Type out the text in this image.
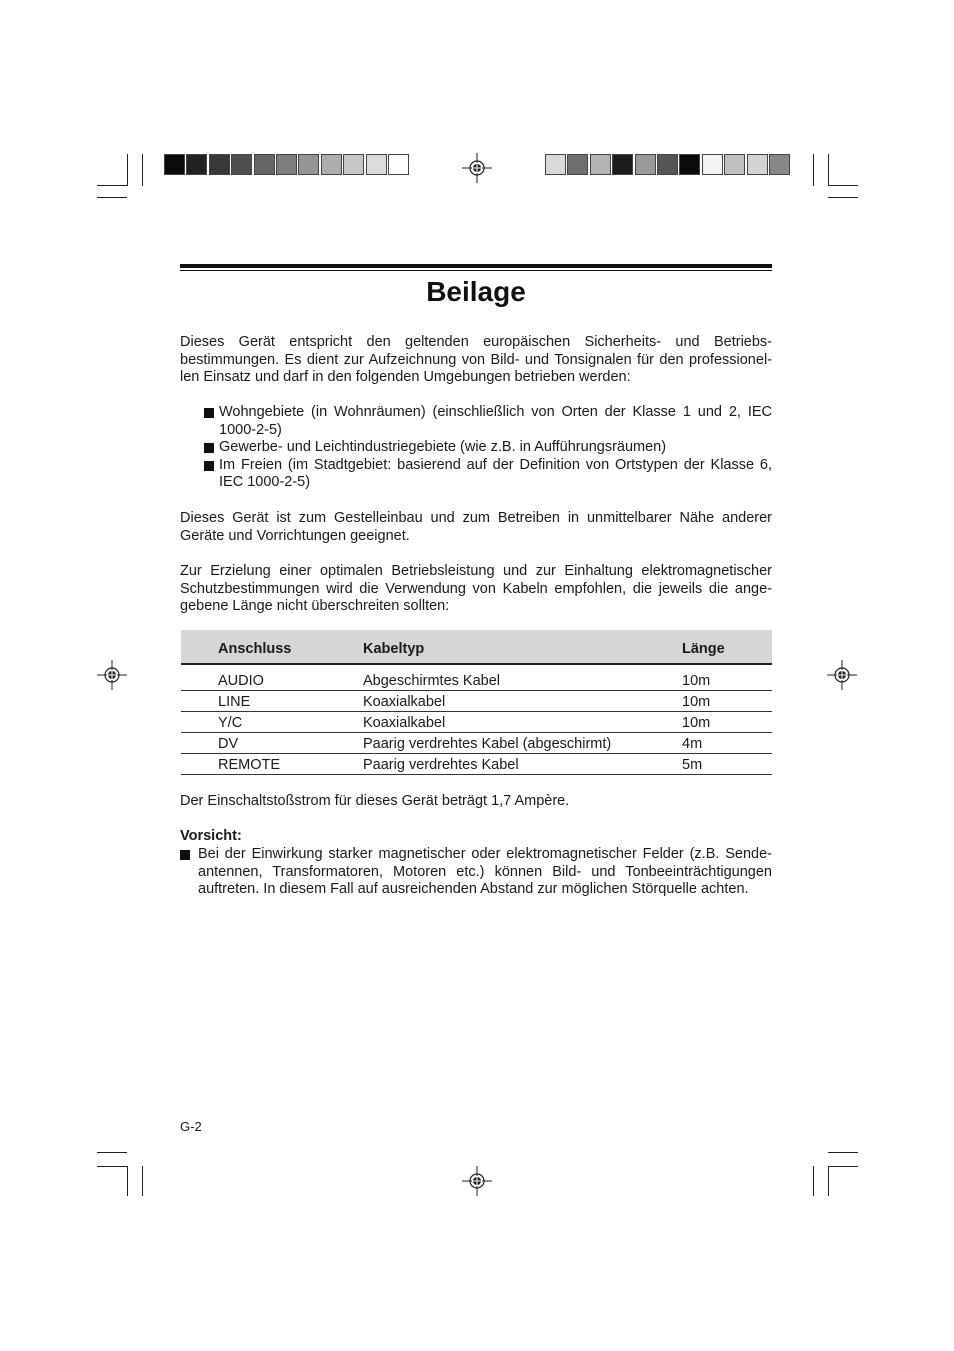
Beilage

Dieses Gerät entspricht den geltenden europäischen Sicherheits- und Betriebs-bestimmungen. Es dient zur Aufzeichnung von Bild- und Tonsignalen für den professionel-len Einsatz und darf in den folgenden Umgebungen betrieben werden:

Wohngebiete (in Wohnräumen) (einschließlich von Orten der Klasse 1 und 2, IEC 1000-2-5)
Gewerbe- und Leichtindustriegebiete (wie z.B. in Aufführungsräumen)
Im Freien (im Stadtgebiet: basierend auf der Definition von Ortstypen der Klasse 6, IEC 1000-2-5)

Dieses Gerät ist zum Gestelleinbau und zum Betreiben in unmittelbarer Nähe anderer Geräte und Vorrichtungen geeignet.

Zur Erzielung einer optimalen Betriebsleistung und zur Einhaltung elektromagnetischer Schutzbestimmungen wird die Verwendung von Kabeln empfohlen, die jeweils die ange-gebene Länge nicht überschreiten sollten:

Anschluss	Kabeltyp	Länge
AUDIO	Abgeschirmtes Kabel	10m
LINE	Koaxialkabel	10m
Y/C	Koaxialkabel	10m
DV	Paarig verdrehtes Kabel (abgeschirmt)	4m
REMOTE	Paarig verdrehtes Kabel	5m

Der Einschaltstoßstrom für dieses Gerät beträgt 1,7 Ampère.

Vorsicht:
Bei der Einwirkung starker magnetischer oder elektromagnetischer Felder (z.B. Sende-antennen, Transformatoren, Motoren etc.) können Bild- und Tonbeeinträchtigungen auftreten. In diesem Fall auf ausreichenden Abstand zur möglichen Störquelle achten.
G-2
